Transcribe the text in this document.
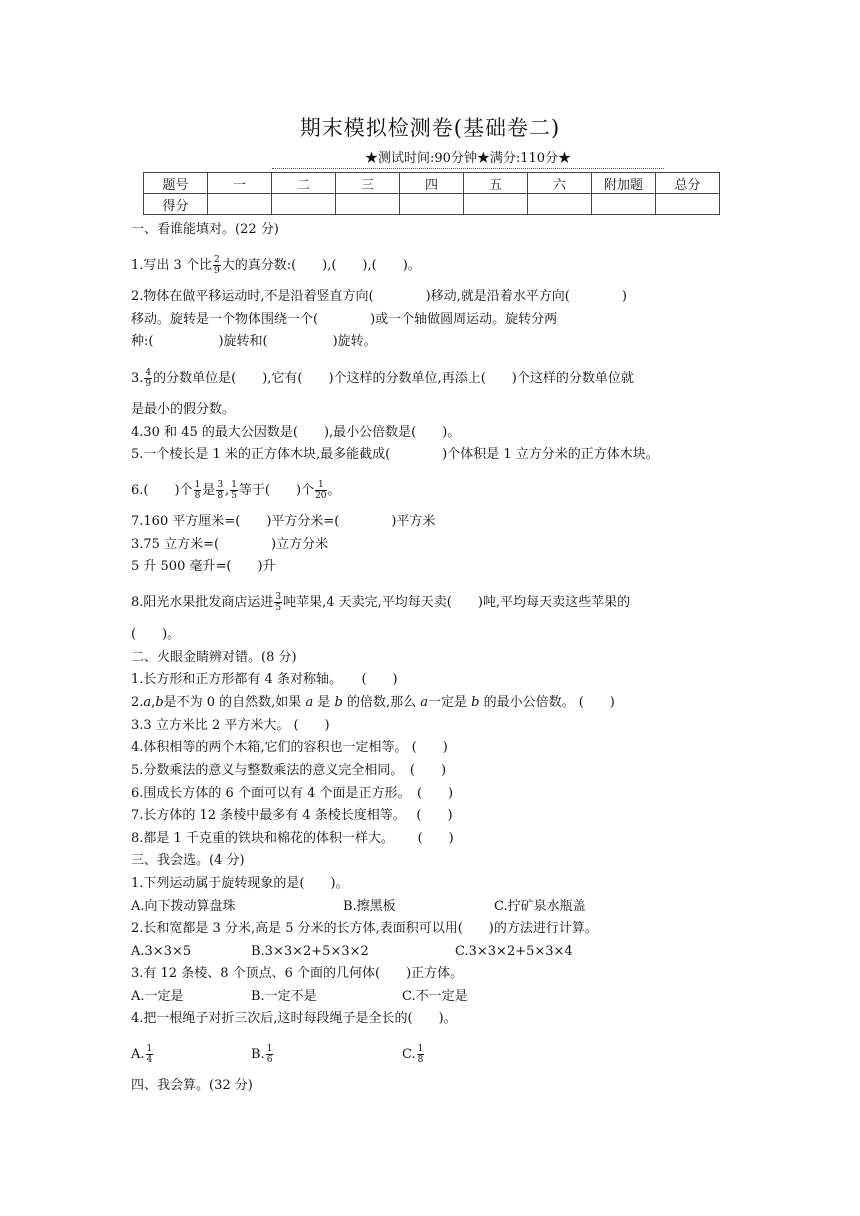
期末模拟检测卷(基础卷二)
★测试时间:90分钟★满分:110分★
题号	一	二	三	四	五	六	附加题	总分
得分								
一、看谁能填对。(22 分)
1.写出 3 个比 $\frac{2}{9}$ 大的真分数:(　　),(　　),(　　)。
2.物体在做平移运动时,不是沿着竖直方向(　　　　)移动,就是沿着水平方向(　　　　)
移动。旋转是一个物体围绕一个(　　　　)或一个轴做圆周运动。旋转分两
种:(　　　　　)旋转和(　　　　　)旋转。
3. $\frac{4}{9}$ 的分数单位是(　　),它有(　　)个这样的分数单位,再添上(　　)个这样的分数单位就
是最小的假分数。
4.30 和 45 的最大公因数是(　　),最小公倍数是(　　)。
5.一个棱长是 1 米的正方体木块,最多能截成(　　　　)个体积是 1 立方分米的正方体木块。
6.(　　)个 $\frac{1}{8}$ 是 $\frac{3}{8}$ , $\frac{1}{5}$ 等于(　　)个 $\frac{1}{20}$ 。
7.160 平方厘米=(　　)平方分米=(　　　　)平方米
3.75 立方米=(　　　　)立方分米
5 升 500 毫升=(　　)升
8.阳光水果批发商店运进 $\frac{3}{5}$ 吨苹果,4 天卖完,平均每天卖(　　)吨,平均每天卖这些苹果的
(　　)。
二、火眼金睛辨对错。(8 分)
1.长方形和正方形都有 4 条对称轴。　　(　　)
2.a,b是不为 0 的自然数,如果 a 是 b 的倍数,那么 a一定是 b 的最小公倍数。 (　　)
3.3 立方米比 2 平方米大。 (　　)
4.体积相等的两个木箱,它们的容积也一定相等。 (　　)
5.分数乘法的意义与整数乘法的意义完全相同。　(　　)
6.围成长方体的 6 个面可以有 4 个面是正方形。　(　　)
7.长方体的 12 条棱中最多有 4 条棱长度相等。　 (　　)
8.都是 1 千克重的铁块和棉花的体积一样大。　　 (　　)
三、我会选。(4 分)
1.下列运动属于旋转现象的是(　　)。
A.向下拨动算盘珠	B.擦黑板	C.拧矿泉水瓶盖
2.长和宽都是 3 分米,高是 5 分米的长方体,表面积可以用(　　)的方法进行计算。
A.3×3×5	B.3×3×2+5×3×2	C.3×3×2+5×3×4
3.有 12 条棱、8 个顶点、6 个面的几何体(　　)正方体。
A.一定是	B.一定不是	C.不一定是
4.把一根绳子对折三次后,这时每段绳子是全长的(　　)。
A. $\frac{1}{4}$	B. $\frac{1}{6}$	C. $\frac{1}{8}$
四、我会算。(32 分)
